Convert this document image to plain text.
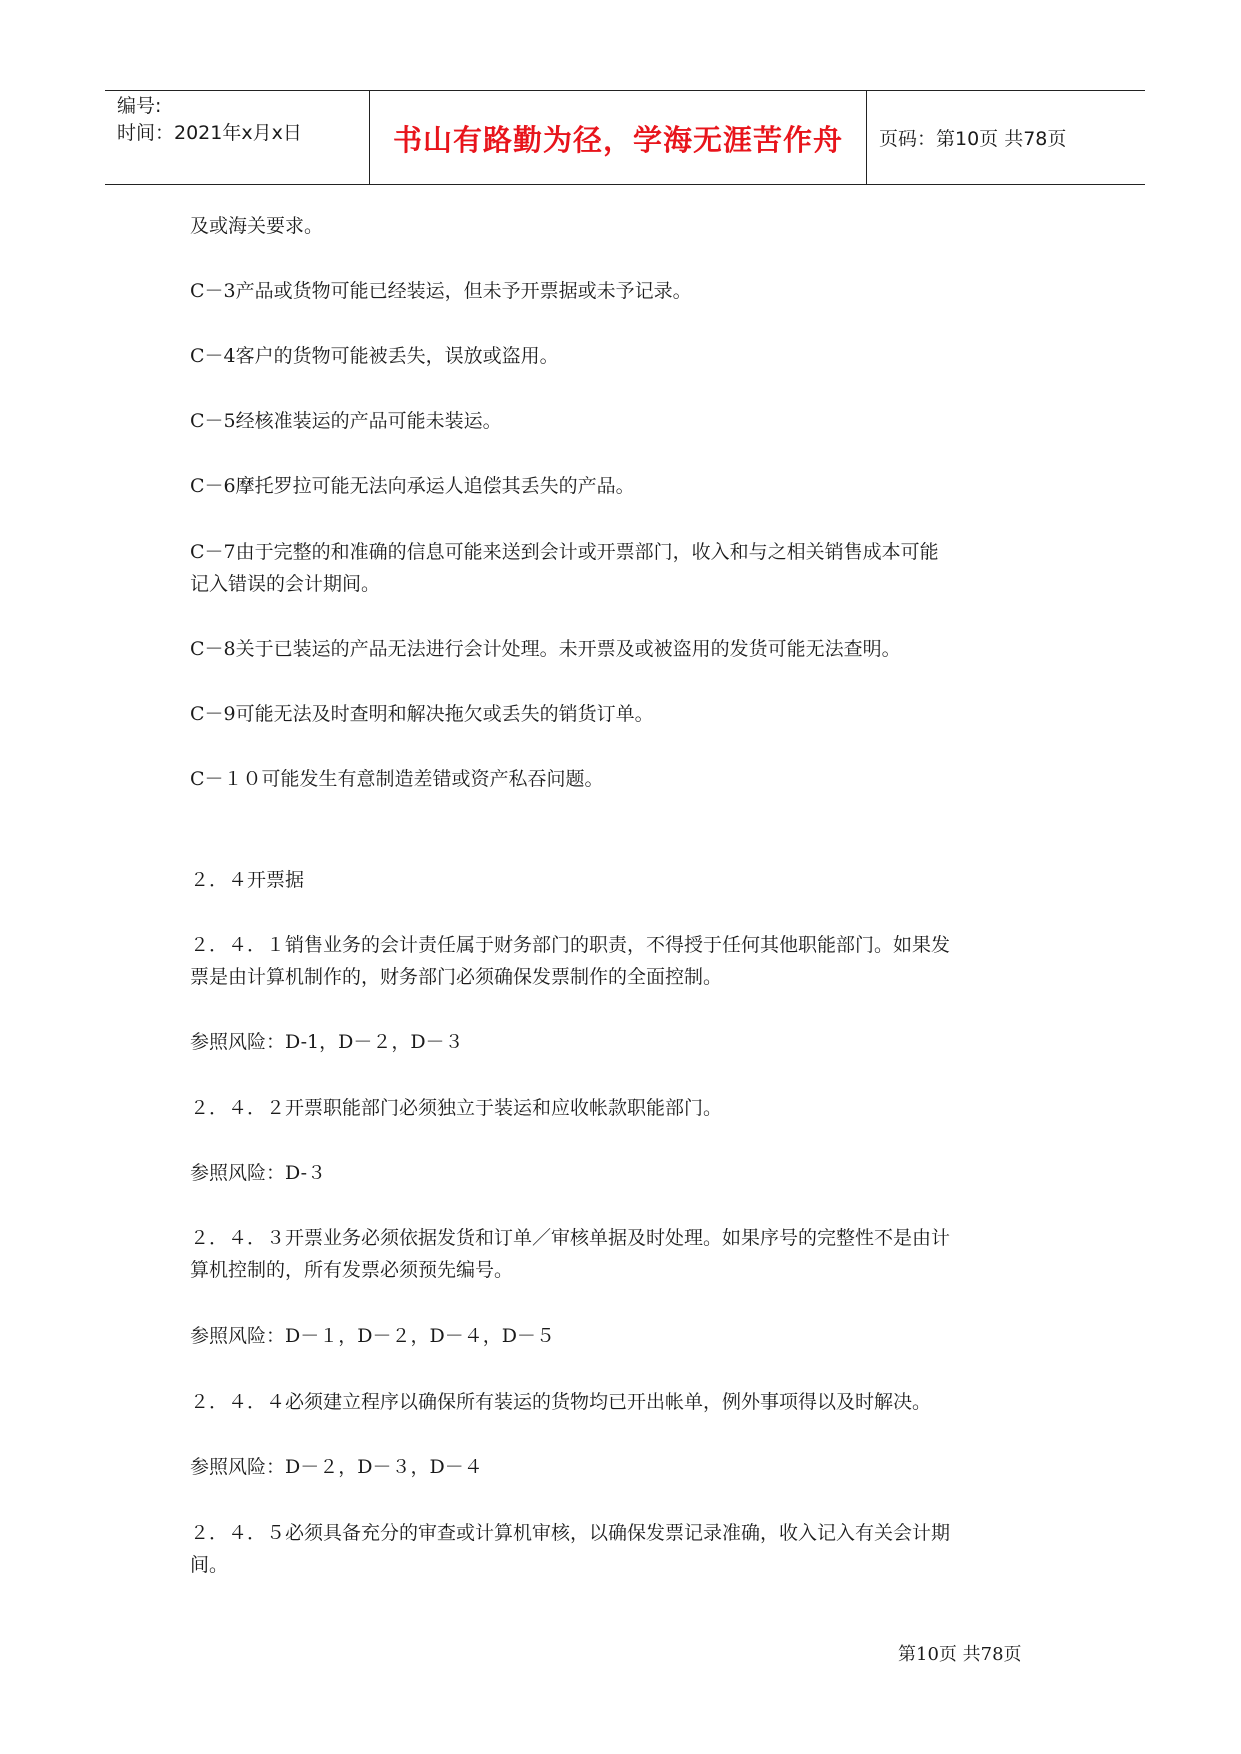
编号:
时间：2021年x月x日	书山有路勤为径，学海无涯苦作舟	页码：第10页 共78页
及或海关要求。
C－3产品或货物可能已经装运，但未予开票据或未予记录。
C－4客户的货物可能被丢失，误放或盗用。
C－5经核准装运的产品可能未装运。
C－6摩托罗拉可能无法向承运人追偿其丢失的产品。
C－7由于完整的和准确的信息可能来送到会计或开票部门，收入和与之相关销售成本可能
记入错误的会计期间。
C－8关于已装运的产品无法进行会计处理。未开票及或被盗用的发货可能无法查明。
C－9可能无法及时查明和解决拖欠或丢失的销货订单。
C－１０可能发生有意制造差错或资产私吞问题。
２．４开票据
２．４．１销售业务的会计责任属于财务部门的职责，不得授于任何其他职能部门。如果发
票是由计算机制作的，财务部门必须确保发票制作的全面控制。
参照风险：D-1，D－２，D－３
２．４．２开票职能部门必须独立于装运和应收帐款职能部门。
参照风险：D-３
２．４．３开票业务必须依据发货和订单／审核单据及时处理。如果序号的完整性不是由计
算机控制的，所有发票必须预先编号。
参照风险：D－１，D－２，D－４，D－５
２．４．４必须建立程序以确保所有装运的货物均已开出帐单，例外事项得以及时解决。
参照风险：D－２，D－３，D－４
２．４．５必须具备充分的审查或计算机审核，以确保发票记录准确，收入记入有关会计期
间。
第10页 共78页
